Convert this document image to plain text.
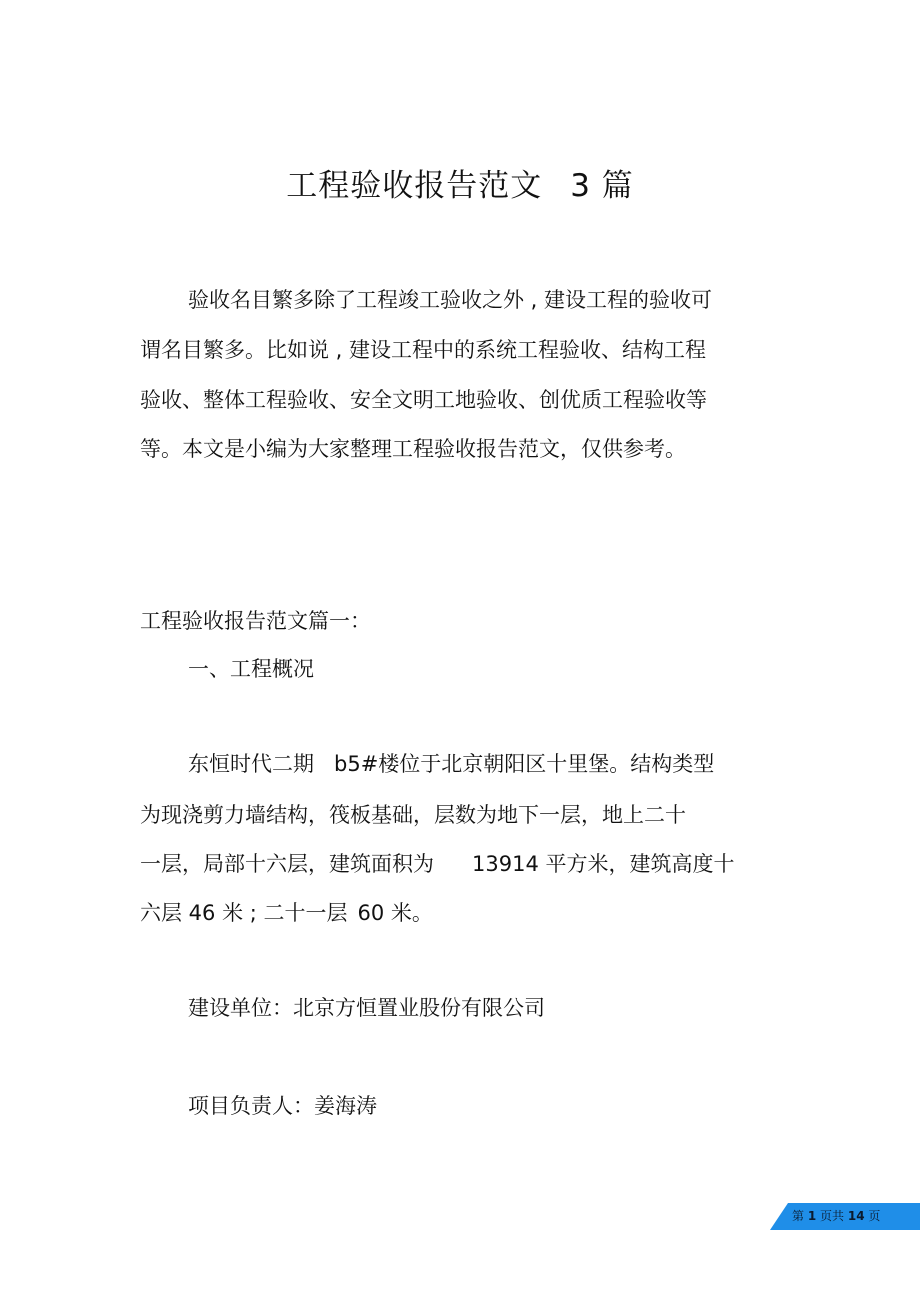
工程验收报告范文 3 篇

验收名目繁多除了工程竣工验收之外 , 建设工程的验收可

谓名目繁多。比如说 , 建设工程中的系统工程验收、结构工程

验收、整体工程验收、安全文明工地验收、创优质工程验收等

等。本文是小编为大家整理工程验收报告范文，仅供参考。

工程验收报告范文篇一：

一、工程概况

东恒时代二期 b5#楼位于北京朝阳区十里堡。结构类型

为现浇剪力墙结构，筏板基础，层数为地下一层，地上二十

一层，局部十六层，建筑面积为 13914 平方米，建筑高度十

六层 46 米 ; 二十一层 60 米。

建设单位：北京方恒置业股份有限公司

项目负责人：姜海涛

第 1 页共 14 页
